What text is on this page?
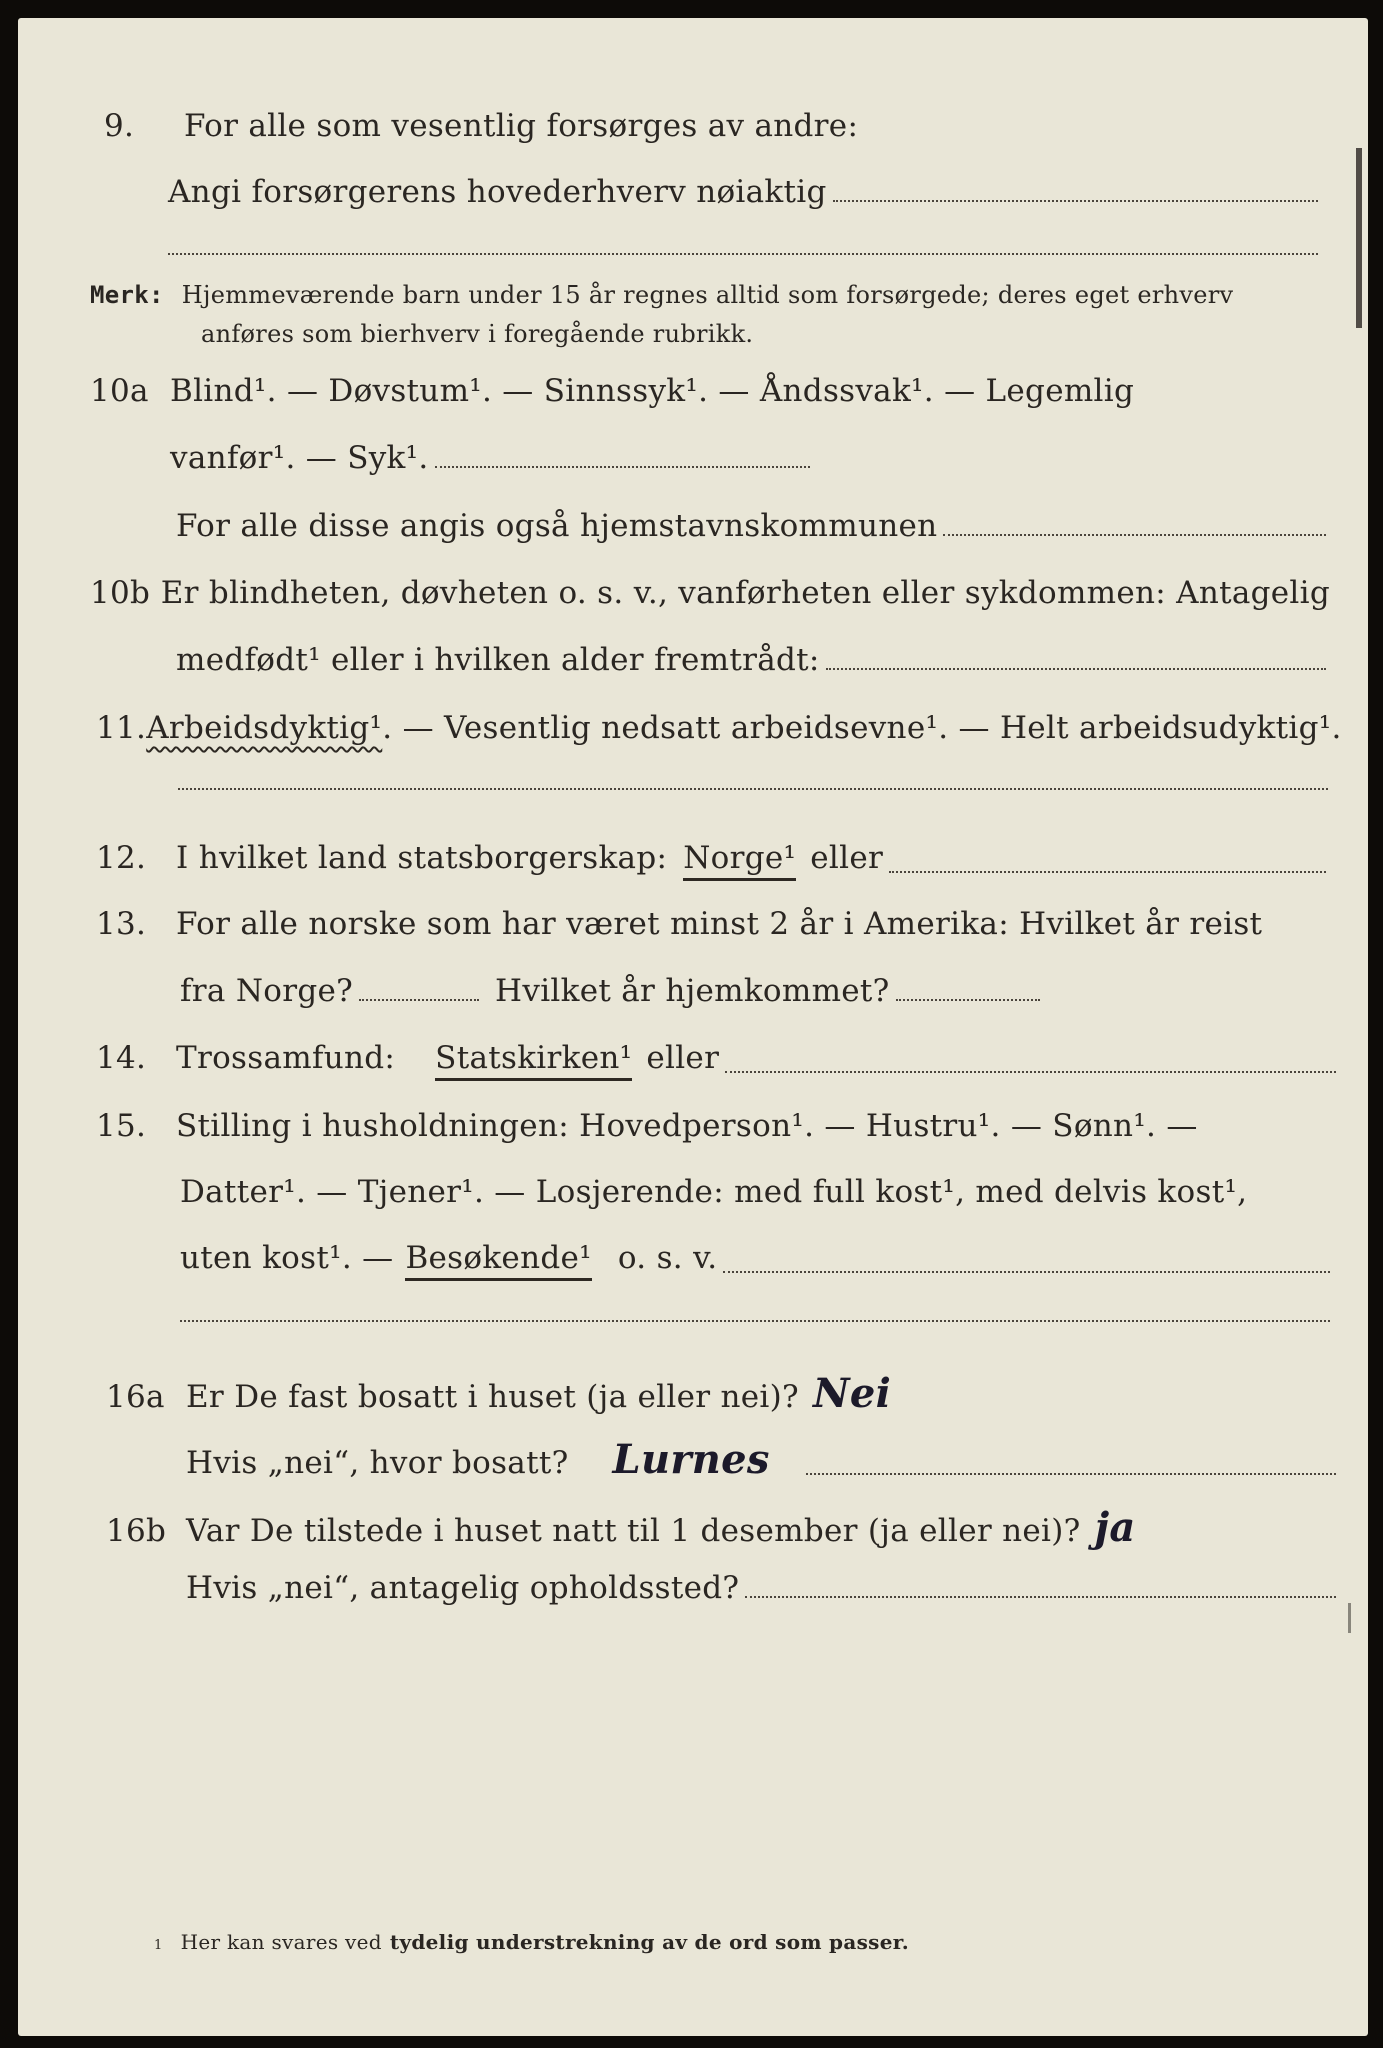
9.	For alle som vesentlig forsørges av andre:
Angi forsørgerens hovederhverv nøiaktig
Merk: Hjemmeværende barn under 15 år regnes alltid som forsørgede; deres eget erhverv
anføres som bierhverv i foregående rubrikk.
10a Blind¹. — Døvstum¹. — Sinnssyk¹. — Åndssvak¹. — Legemlig
vanfør¹. — Syk¹.
For alle disse angis også hjemstavnskommunen
10b Er blindheten, døvheten o. s. v., vanførheten eller sykdommen: Antagelig
medfødt¹ eller i hvilken alder fremtrådt:
11. Arbeidsdyktig¹ . — Vesentlig nedsatt arbeidsevne¹. — Helt arbeidsudyktig¹.
12. I hvilket land statsborgerskap: Norge¹ eller
13. For alle norske som har været minst 2 år i Amerika: Hvilket år reist
fra Norge?	Hvilket år hjemkommet?
14. Trossamfund: Statskirken¹ eller
15. Stilling i husholdningen: Hovedperson¹. — Hustru¹. — Sønn¹. —
Datter¹. — Tjener¹. — Losjerende: med full kost¹, med delvis kost¹,
uten kost¹. — Besøkende¹ o. s. v.
16a Er De fast bosatt i huset (ja eller nei)? Nei
Hvis „nei“, hvor bosatt?	Lurnes
16b Var De tilstede i huset natt til 1 desember (ja eller nei)? ja
Hvis „nei“, antagelig opholdssted?
1 Her kan svares ved tydelig understrekning av de ord som passer.
